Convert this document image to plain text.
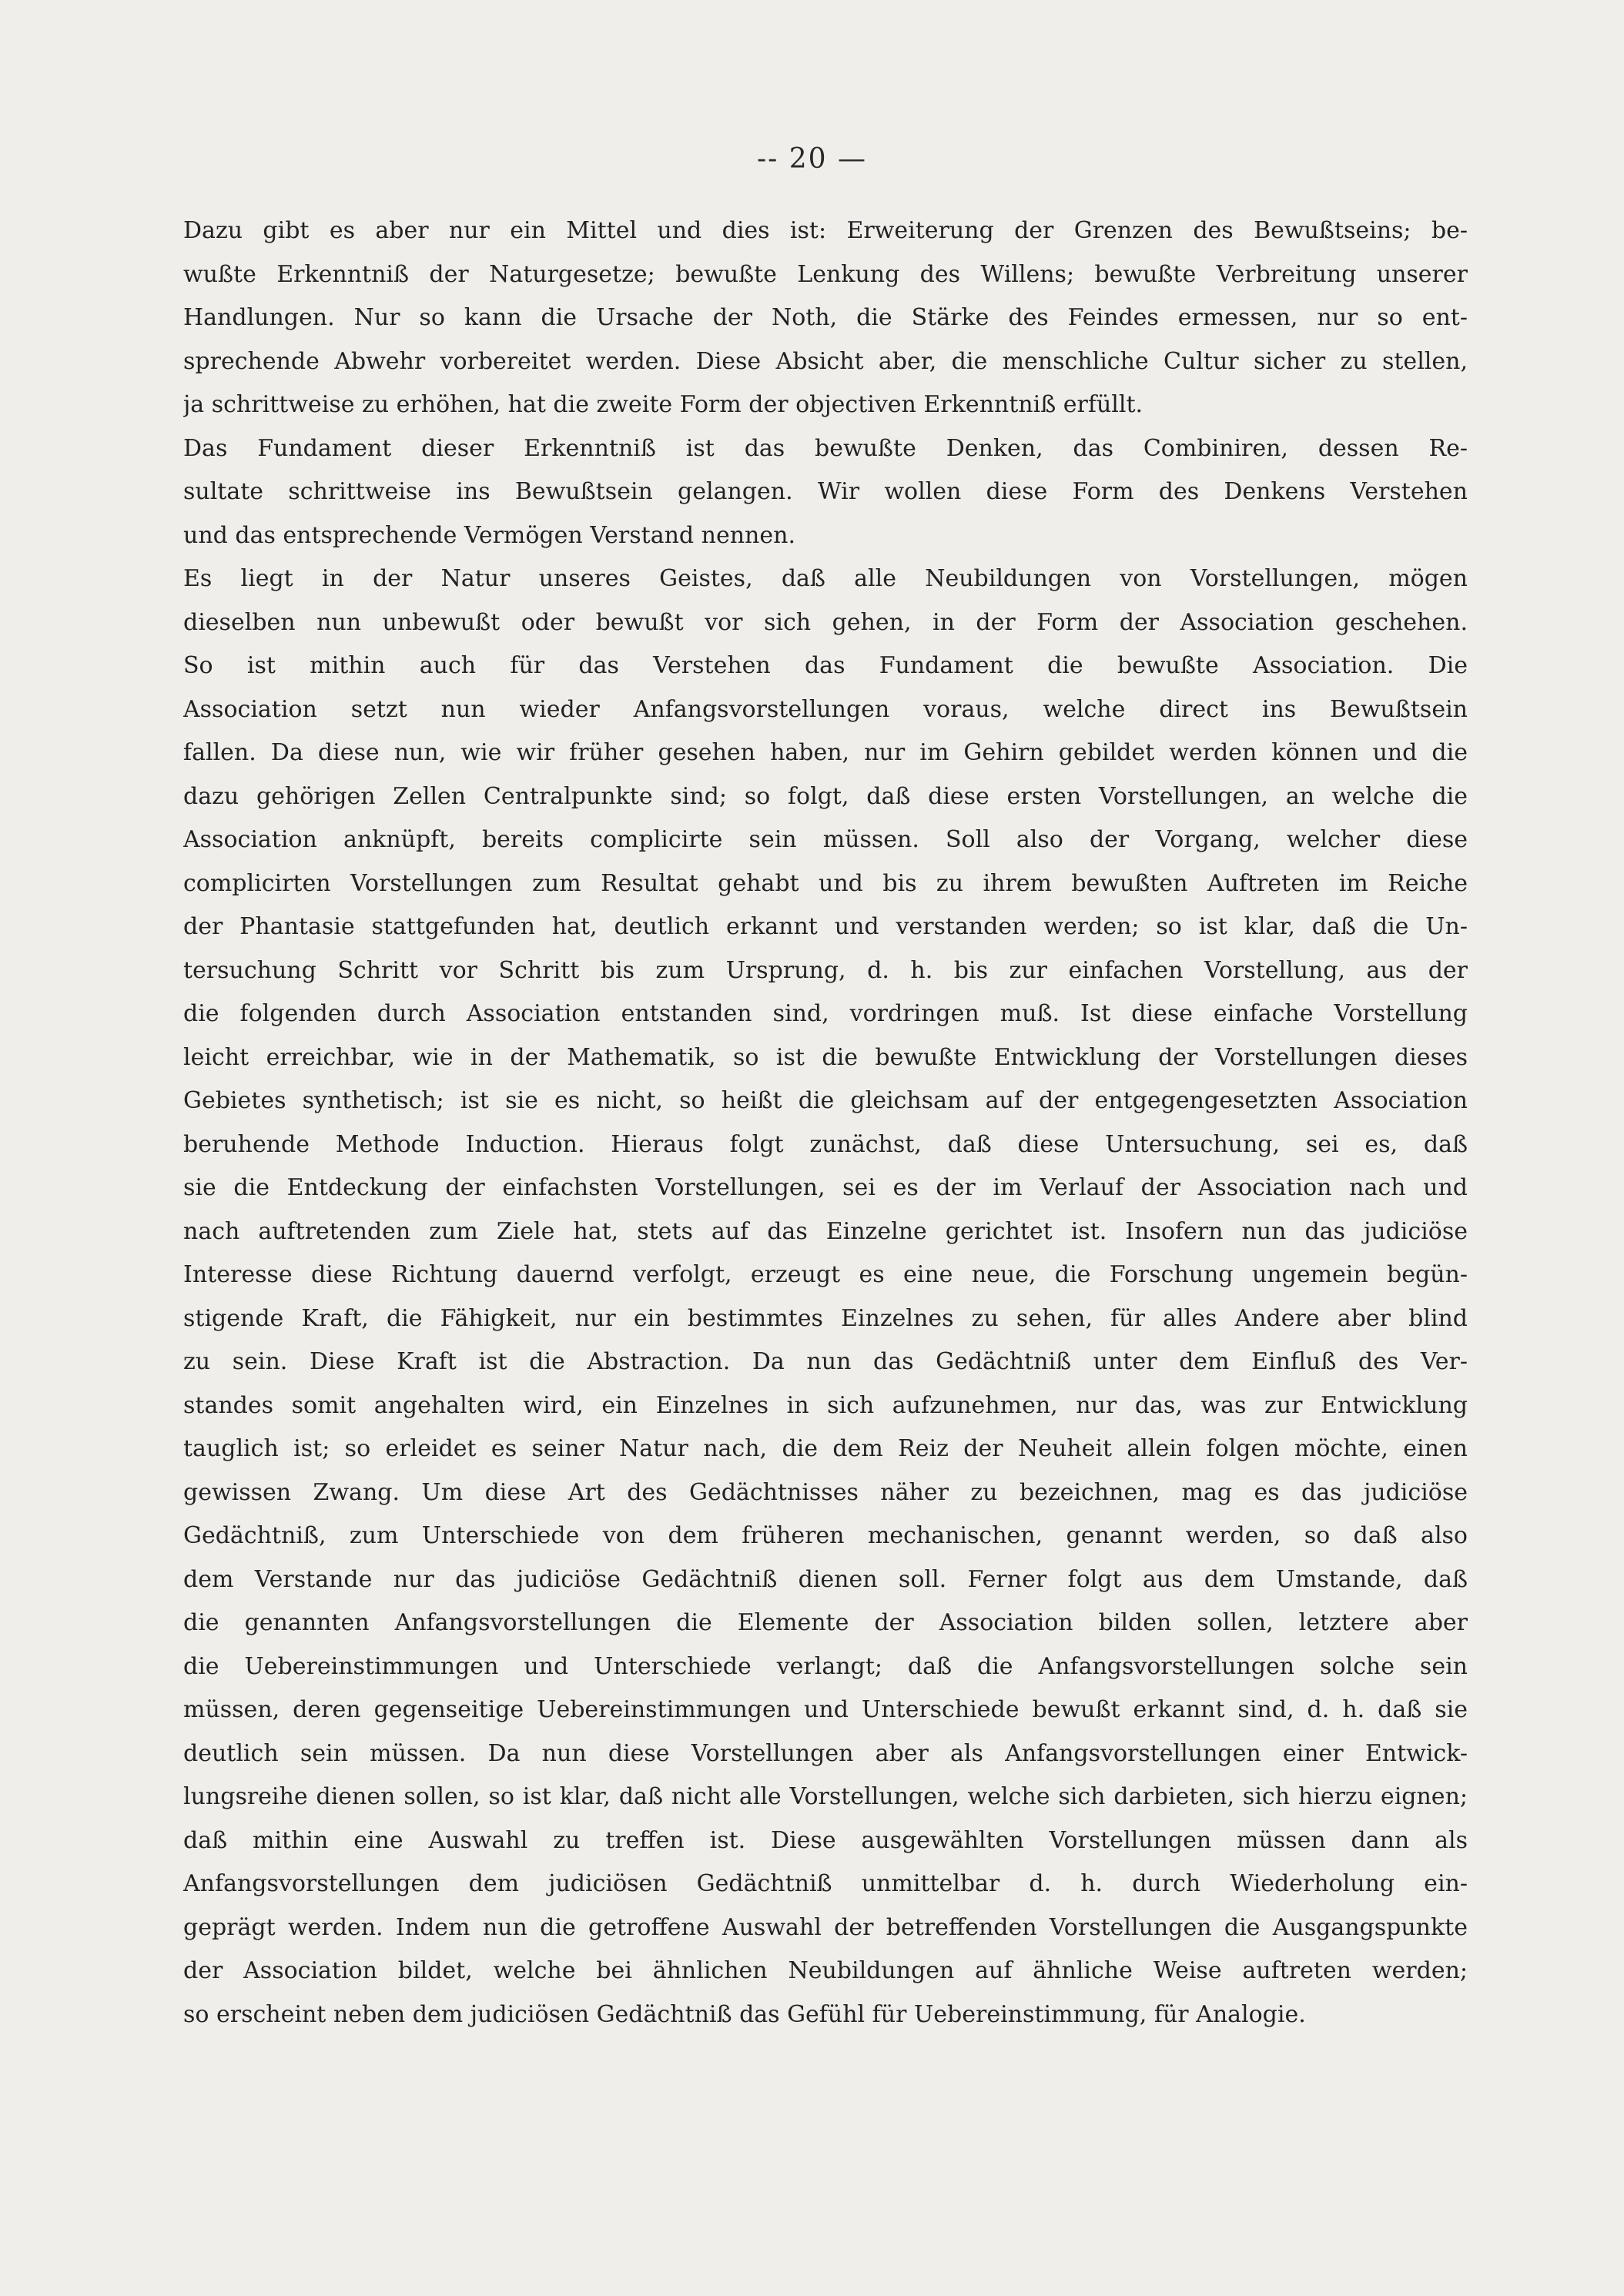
-- 20 —
Dazu gibt es aber nur ein Mittel und dies ist: Erweiterung der Grenzen des Bewußtseins; be-
wußte Erkenntniß der Naturgesetze; bewußte Lenkung des Willens; bewußte Verbreitung unserer
Handlungen. Nur so kann die Ursache der Noth, die Stärke des Feindes ermessen, nur so ent-
sprechende Abwehr vorbereitet werden. Diese Absicht aber, die menschliche Cultur sicher zu stellen,
ja schrittweise zu erhöhen, hat die zweite Form der objectiven Erkenntniß erfüllt.
Das Fundament dieser Erkenntniß ist das bewußte Denken, das Combiniren, dessen Re-
sultate schrittweise ins Bewußtsein gelangen. Wir wollen diese Form des Denkens Verstehen
und das entsprechende Vermögen Verstand nennen.
Es liegt in der Natur unseres Geistes, daß alle Neubildungen von Vorstellungen, mögen
dieselben nun unbewußt oder bewußt vor sich gehen, in der Form der Association geschehen.
So ist mithin auch für das Verstehen das Fundament die bewußte Association. Die
Association setzt nun wieder Anfangsvorstellungen voraus, welche direct ins Bewußtsein
fallen. Da diese nun, wie wir früher gesehen haben, nur im Gehirn gebildet werden können und die
dazu gehörigen Zellen Centralpunkte sind; so folgt, daß diese ersten Vorstellungen, an welche die
Association anknüpft, bereits complicirte sein müssen. Soll also der Vorgang, welcher diese
complicirten Vorstellungen zum Resultat gehabt und bis zu ihrem bewußten Auftreten im Reiche
der Phantasie stattgefunden hat, deutlich erkannt und verstanden werden; so ist klar, daß die Un-
tersuchung Schritt vor Schritt bis zum Ursprung, d. h. bis zur einfachen Vorstellung, aus der
die folgenden durch Association entstanden sind, vordringen muß. Ist diese einfache Vorstellung
leicht erreichbar, wie in der Mathematik, so ist die bewußte Entwicklung der Vorstellungen dieses
Gebietes synthetisch; ist sie es nicht, so heißt die gleichsam auf der entgegengesetzten Association
beruhende Methode Induction. Hieraus folgt zunächst, daß diese Untersuchung, sei es, daß
sie die Entdeckung der einfachsten Vorstellungen, sei es der im Verlauf der Association nach und
nach auftretenden zum Ziele hat, stets auf das Einzelne gerichtet ist. Insofern nun das judiciöse
Interesse diese Richtung dauernd verfolgt, erzeugt es eine neue, die Forschung ungemein begün-
stigende Kraft, die Fähigkeit, nur ein bestimmtes Einzelnes zu sehen, für alles Andere aber blind
zu sein. Diese Kraft ist die Abstraction. Da nun das Gedächtniß unter dem Einfluß des Ver-
standes somit angehalten wird, ein Einzelnes in sich aufzunehmen, nur das, was zur Entwicklung
tauglich ist; so erleidet es seiner Natur nach, die dem Reiz der Neuheit allein folgen möchte, einen
gewissen Zwang. Um diese Art des Gedächtnisses näher zu bezeichnen, mag es das judiciöse
Gedächtniß, zum Unterschiede von dem früheren mechanischen, genannt werden, so daß also
dem Verstande nur das judiciöse Gedächtniß dienen soll. Ferner folgt aus dem Umstande, daß
die genannten Anfangsvorstellungen die Elemente der Association bilden sollen, letztere aber
die Uebereinstimmungen und Unterschiede verlangt; daß die Anfangsvorstellungen solche sein
müssen, deren gegenseitige Uebereinstimmungen und Unterschiede bewußt erkannt sind, d. h. daß sie
deutlich sein müssen. Da nun diese Vorstellungen aber als Anfangsvorstellungen einer Entwick-
lungsreihe dienen sollen, so ist klar, daß nicht alle Vorstellungen, welche sich darbieten, sich hierzu eignen;
daß mithin eine Auswahl zu treffen ist. Diese ausgewählten Vorstellungen müssen dann als
Anfangsvorstellungen dem judiciösen Gedächtniß unmittelbar d. h. durch Wiederholung ein-
geprägt werden. Indem nun die getroffene Auswahl der betreffenden Vorstellungen die Ausgangspunkte
der Association bildet, welche bei ähnlichen Neubildungen auf ähnliche Weise auftreten werden;
so erscheint neben dem judiciösen Gedächtniß das Gefühl für Uebereinstimmung, für Analogie.
